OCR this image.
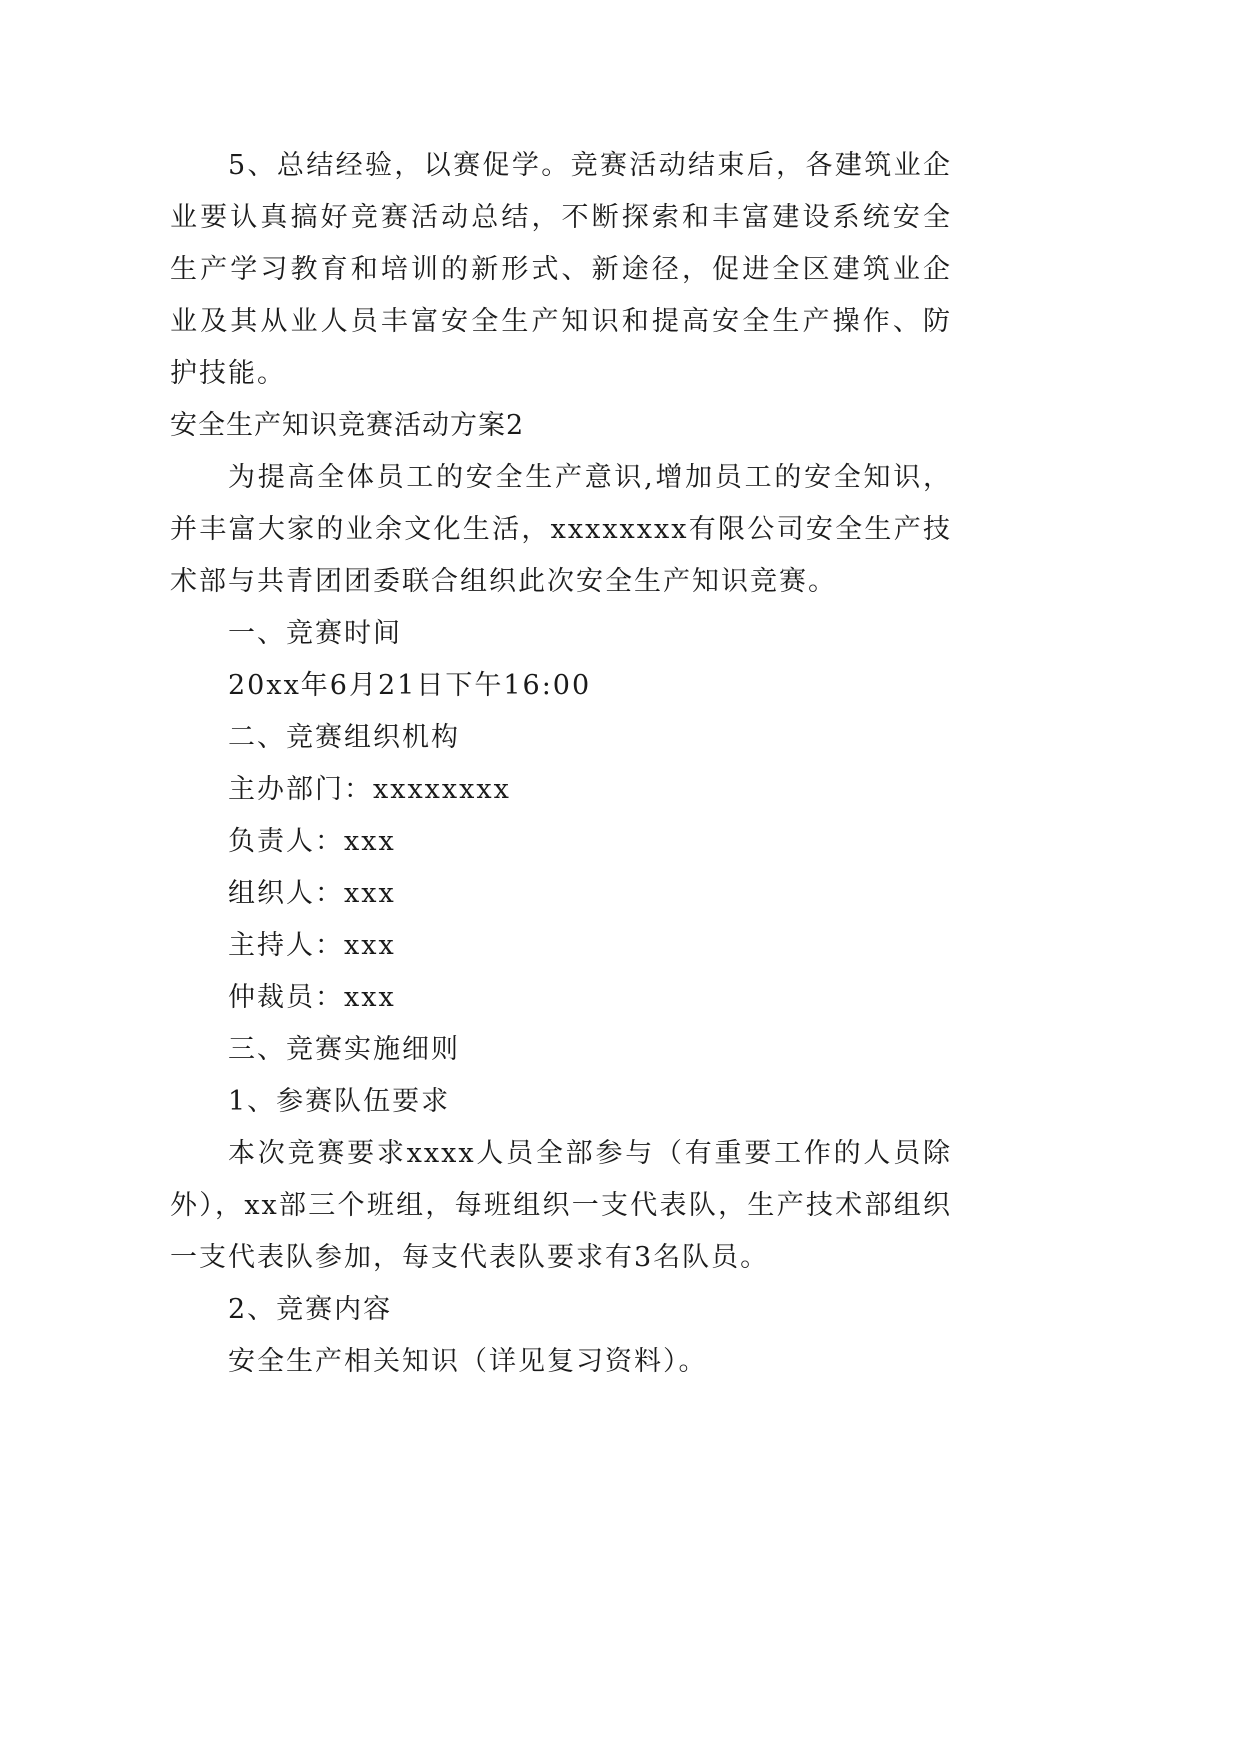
5、总结经验，以赛促学。竞赛活动结束后，各建筑业企业要认真搞好竞赛活动总结，不断探索和丰富建设系统安全生产学习教育和培训的新形式、新途径，促进全区建筑业企业及其从业人员丰富安全生产知识和提高安全生产操作、防护技能。

安全生产知识竞赛活动方案2

为提高全体员工的安全生产意识,增加员工的安全知识，并丰富大家的业余文化生活，xxxxxxxx有限公司安全生产技术部与共青团团委联合组织此次安全生产知识竞赛。

一、竞赛时间

20xx年6月21日下午16:00

二、竞赛组织机构

主办部门：xxxxxxxx

负责人：xxx

组织人：xxx

主持人：xxx

仲裁员：xxx

三、竞赛实施细则

1、参赛队伍要求

本次竞赛要求xxxx人员全部参与（有重要工作的人员除外），xx部三个班组，每班组织一支代表队，生产技术部组织一支代表队参加，每支代表队要求有3名队员。

2、竞赛内容

安全生产相关知识（详见复习资料）。
